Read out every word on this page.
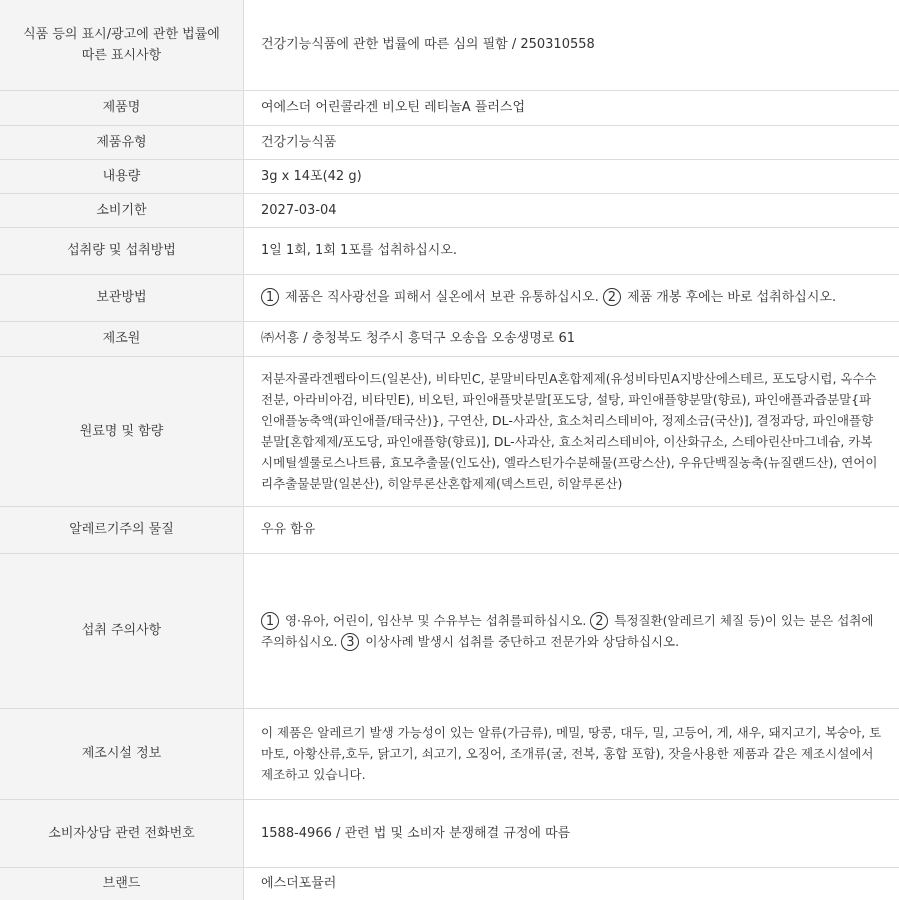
식품 등의 표시/광고에 관한 법률에 따른 표시사항	건강기능식품에 관한 법률에 따른 심의 필함 / 250310558
제품명	여에스더 어린콜라겐 비오틴 레티놀A 플러스업
제품유형	건강기능식품
내용량	3g x 14포(42 g)
소비기한	2027-03-04
섭취량 및 섭취방법	1일 1회, 1회 1포를 섭취하십시오.
보관방법	1 제품은 직사광선을 피해서 실온에서 보관 유통하십시오. 2 제품 개봉 후에는 바로 섭취하십시오.
제조원	㈜서흥 / 충청북도 청주시 흥덕구 오송읍 오송생명로 61
원료명 및 함량	저분자콜라겐펩타이드(일본산), 비타민C, 분말비타민A혼합제제(유성비타민A지방산에스테르, 포도당시럽, 옥수수전분, 아라비아검, 비타민E), 비오틴, 파인애플맛분말[포도당, 설탕, 파인애플향분말(향료), 파인애플과즙분말{파인애플농축액(파인애플/태국산)}, 구연산, DL-사과산, 효소처리스테비아, 정제소금(국산)], 결정과당, 파인애플향분말[혼합제제/포도당, 파인애플향(향료)], DL-사과산, 효소처리스테비아, 이산화규소, 스테아린산마그네슘, 카복시메틸셀룰로스나트륨, 효모추출물(인도산), 엘라스틴가수분해물(프랑스산), 우유단백질농축(뉴질랜드산), 연어이리추출물분말(일본산), 히알루론산혼합제제(덱스트린, 히알루론산)
알레르기주의 물질	우유 함유
섭취 주의사항	1 영·유아, 어린이, 임산부 및 수유부는 섭취를피하십시오. 2 특정질환(알레르기 체질 등)이 있는 분은 섭취에 주의하십시오. 3 이상사례 발생시 섭취를 중단하고 전문가와 상담하십시오.
제조시설 정보	이 제품은 알레르기 발생 가능성이 있는 알류(가금류), 메밀, 땅콩, 대두, 밀, 고등어, 게, 새우, 돼지고기, 복숭아, 토마토, 아황산류,호두, 닭고기, 쇠고기, 오징어, 조개류(굴, 전복, 홍합 포함), 잣을사용한 제품과 같은 제조시설에서 제조하고 있습니다.
소비자상담 관련 전화번호	1588-4966 / 관련 법 및 소비자 분쟁해결 규정에 따름
브랜드	에스더포뮬러
